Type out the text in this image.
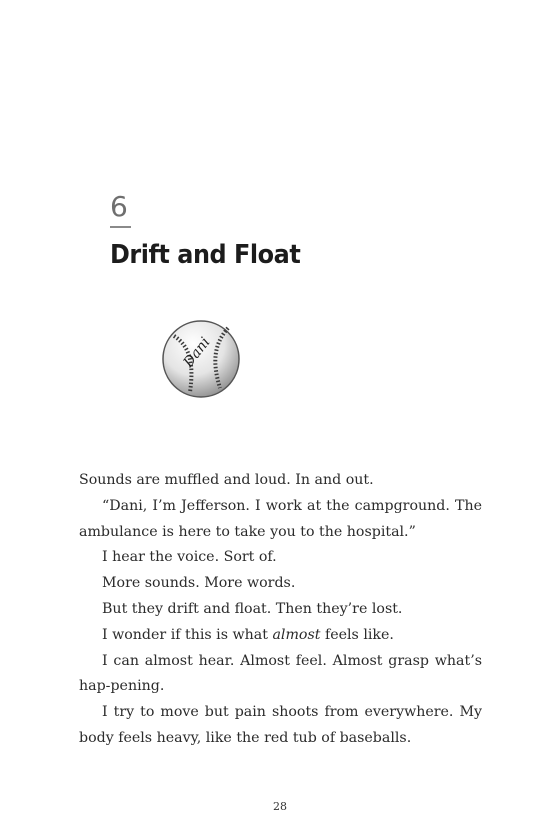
6
Drift and Float
Dani

Sounds are muffled and loud. In and out.

“Dani, I’m Jefferson. I work at the campground. The ambulance is here to take you to the hospital.”

I hear the voice. Sort of.

More sounds. More words.

But they drift and float. Then they’re lost.

I wonder if this is what almost feels like.

I can almost hear. Almost feel. Almost grasp what’s hap-pening.

I try to move but pain shoots from everywhere. My body feels heavy, like the red tub of baseballs.

28
